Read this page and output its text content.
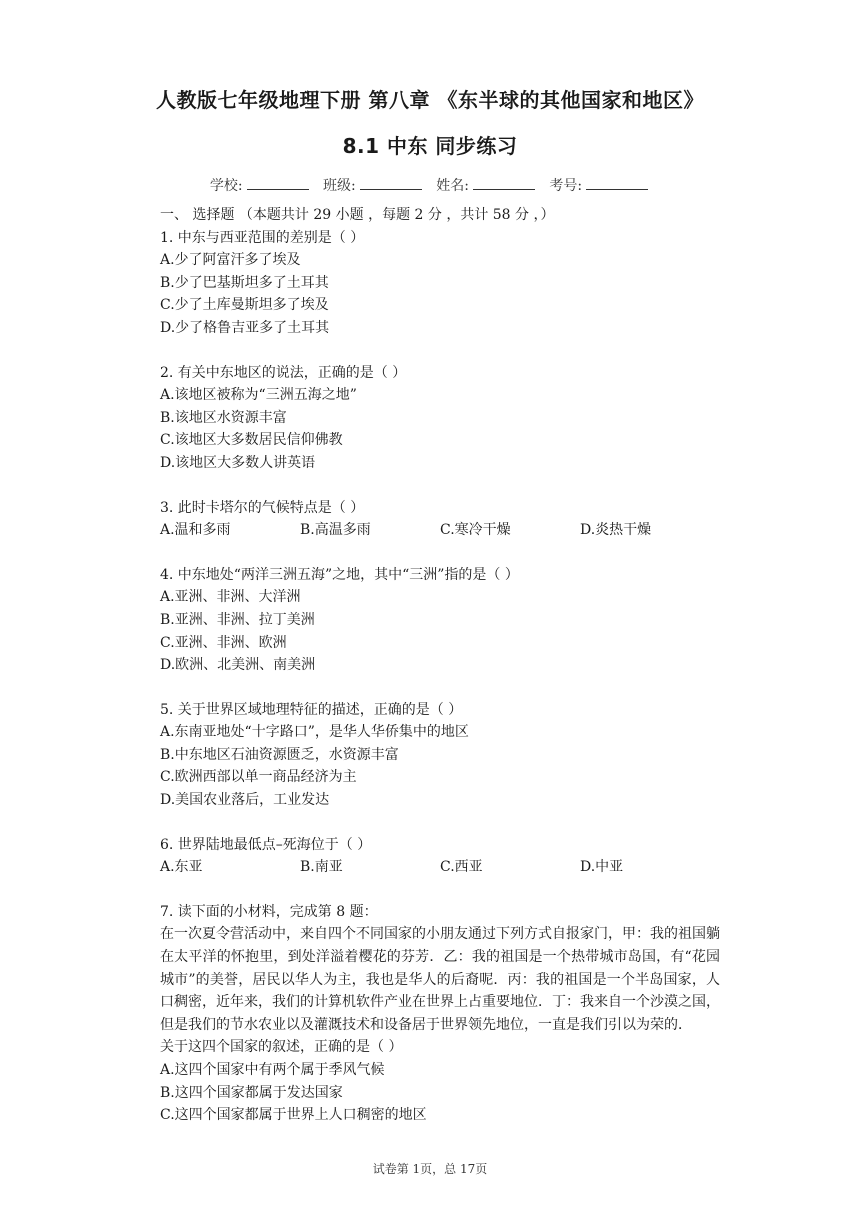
人教版七年级地理下册 第八章 《东半球的其他国家和地区》
8.1 中东 同步练习
学校:	班级:	姓名:	考号:
一、 选择题 （本题共计 29 小题 ，每题 2 分 ，共计 58 分 ，）
1. 中东与西亚范围的差别是（ ）
A.少了阿富汗多了埃及
B.少了巴基斯坦多了土耳其
C.少了土库曼斯坦多了埃及
D.少了格鲁吉亚多了土耳其
2. 有关中东地区的说法，正确的是（ ）
A.该地区被称为“三洲五海之地”
B.该地区水资源丰富
C.该地区大多数居民信仰佛教
D.该地区大多数人讲英语
3. 此时卡塔尔的气候特点是（ ）
A.温和多雨	B.高温多雨	C.寒冷干燥	D.炎热干燥
4. 中东地处“两洋三洲五海”之地，其中“三洲”指的是（ ）
A.亚洲、非洲、大洋洲
B.亚洲、非洲、拉丁美洲
C.亚洲、非洲、欧洲
D.欧洲、北美洲、南美洲
5. 关于世界区域地理特征的描述，正确的是（ ）
A.东南亚地处“十字路口”，是华人华侨集中的地区
B.中东地区石油资源匮乏，水资源丰富
C.欧洲西部以单一商品经济为主
D.美国农业落后，工业发达
6. 世界陆地最低点–死海位于（ ）
A.东亚	B.南亚	C.西亚	D.中亚
7. 读下面的小材料，完成第 8 题：
在一次夏令营活动中，来自四个不同国家的小朋友通过下列方式自报家门，甲：我的祖国躺在太平洋的怀抱里，到处洋溢着樱花的芬芳．乙：我的祖国是一个热带城市岛国，有“花园城市”的美誉，居民以华人为主，我也是华人的后裔呢．丙：我的祖国是一个半岛国家，人口稠密，近年来，我们的计算机软件产业在世界上占重要地位．丁：我来自一个沙漠之国，但是我们的节水农业以及灌溉技术和设备居于世界领先地位，一直是我们引以为荣的．
关于这四个国家的叙述，正确的是（ ）
A.这四个国家中有两个属于季风气候
B.这四个国家都属于发达国家
C.这四个国家都属于世界上人口稠密的地区
试卷第 1页，总 17页
